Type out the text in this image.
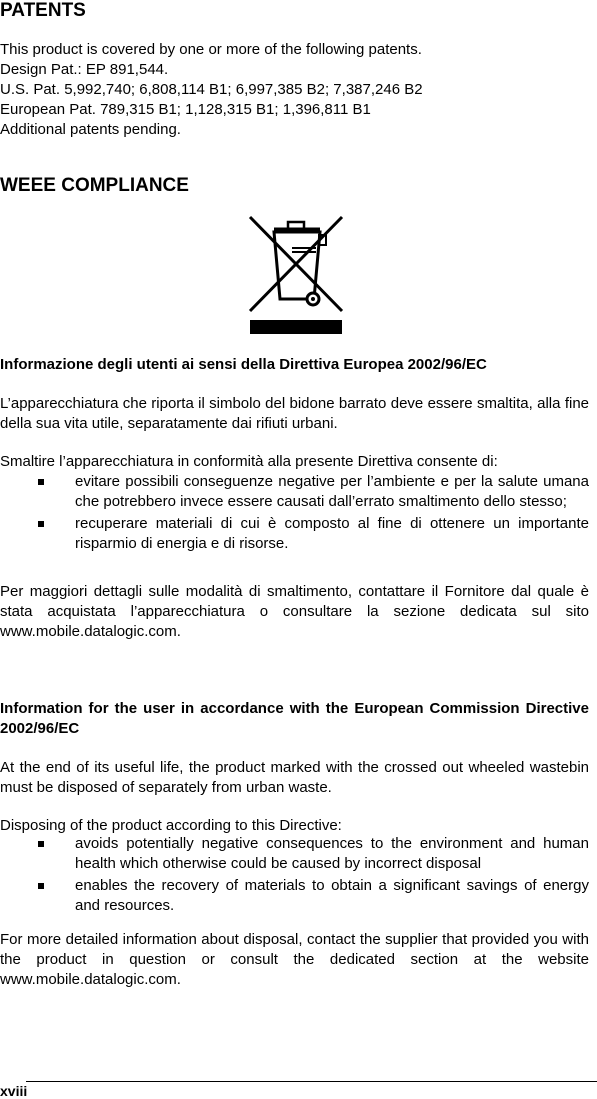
PATENTS
This product is covered by one or more of the following patents.
Design Pat.: EP 891,544.
U.S. Pat. 5,992,740; 6,808,114 B1; 6,997,385 B2; 7,387,246 B2
European Pat. 789,315 B1; 1,128,315 B1; 1,396,811 B1
Additional patents pending.
WEEE COMPLIANCE
Informazione degli utenti ai sensi della Direttiva Europea 2002/96/EC

L’apparecchiatura che riporta il simbolo del bidone barrato deve essere smaltita, alla fine della sua vita utile, separatamente dai rifiuti urbani.

Smaltire l’apparecchiatura in conformità alla presente Direttiva consente di:

evitare possibili conseguenze negative per l’ambiente e per la salute umana che potrebbero invece essere causati dall’errato smaltimento dello stesso;
recuperare materiali di cui è composto al fine di ottenere un importante risparmio di energia e di risorse.

Per maggiori dettagli sulle modalità di smaltimento, contattare il Fornitore dal quale è stata acquistata l’apparecchiatura o consultare la sezione dedicata sul sito www.mobile.datalogic.com.

Information for the user in accordance with the European Commission Directive 2002/96/EC

At the end of its useful life, the product marked with the crossed out wheeled wastebin must be disposed of separately from urban waste.

Disposing of the product according to this Directive:

avoids potentially negative consequences to the environment and human health which otherwise could be caused by incorrect disposal
enables the recovery of materials to obtain a significant savings of energy and resources.

For more detailed information about disposal, contact the supplier that provided you with the product in question or consult the dedicated section at the website www.mobile.datalogic.com.

xviii
